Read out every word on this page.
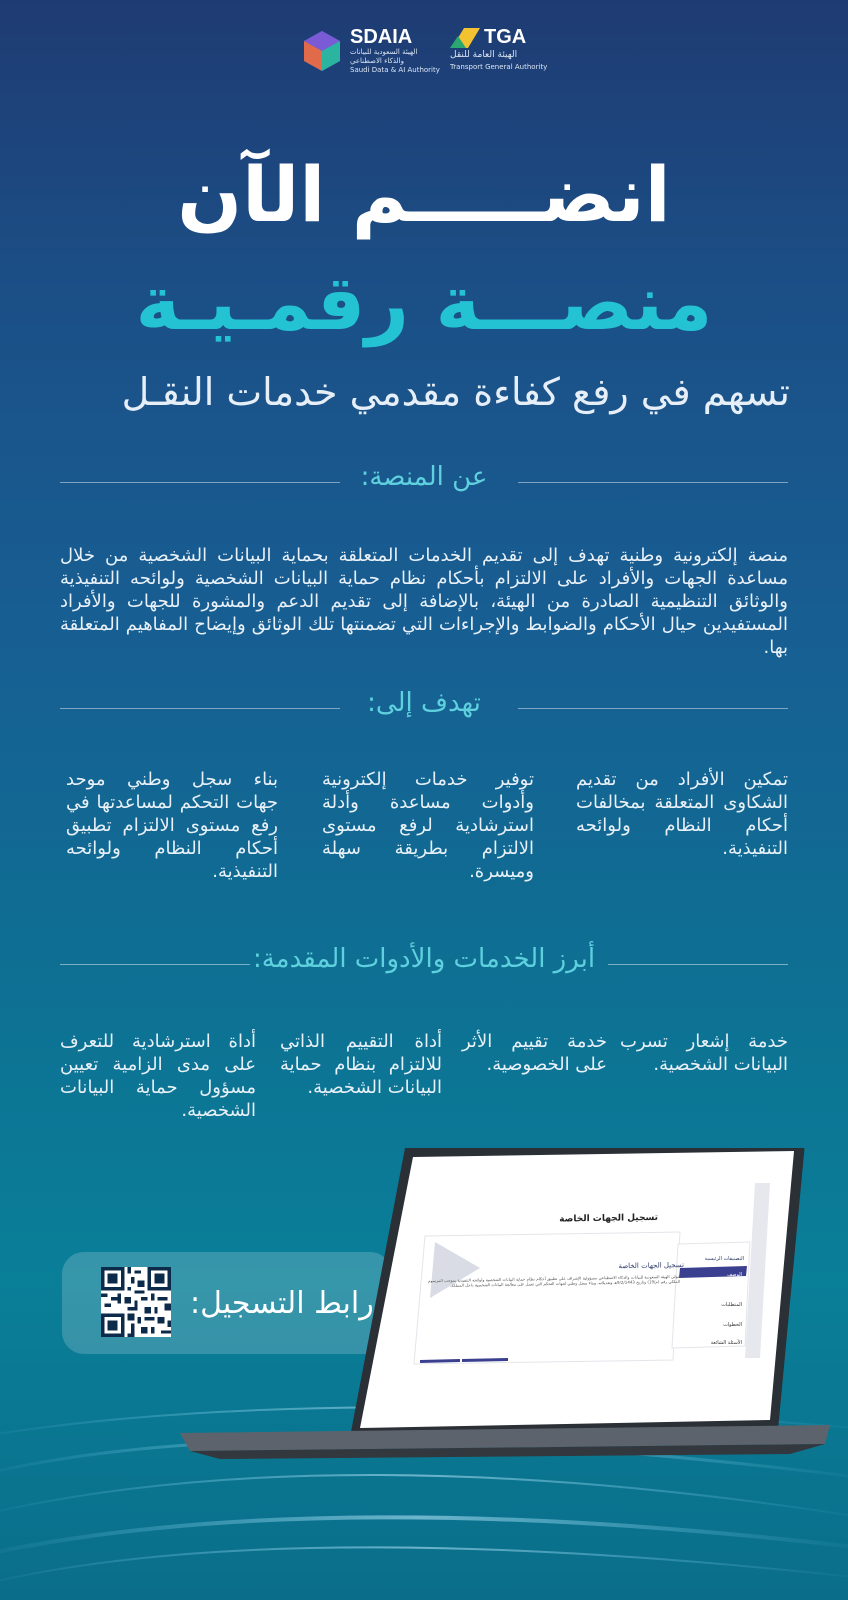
SDAIA
الهيئة السعودية للبيانات
والذكاء الاصطناعي
Saudi Data & AI Authority
TGA
الهيئة العامة للنقل
Transport General Authority
انضـــــم الآن
منصـــة رقمـيـة
تسهم في رفع كفاءة مقدمي خدمات النقـل
عن المنصة:
منصة إلكترونية وطنية تهدف إلى تقديم الخدمات المتعلقة بحماية البيانات الشخصية من خلال مساعدة الجهات والأفراد على الالتزام بأحكام نظام حماية البيانات الشخصية ولوائحه التنفيذية والوثائق التنظيمية الصادرة من الهيئة، بالإضافة إلى تقديم الدعم والمشورة للجهات والأفراد المستفيدين حيال الأحكام والضوابط والإجراءات التي تضمنتها تلك الوثائق وإيضاح المفاهيم المتعلقة بها.
تهدف إلى:
تمكين الأفراد من تقديم الشكاوى المتعلقة بمخالفات أحكام النظام ولوائحه التنفيذية.
توفير خدمات إلكترونية وأدوات مساعدة وأدلة استرشادية لرفع مستوى الالتزام بطريقة سهلة وميسرة.
بناء سجل وطني موحد جهات التحكم لمساعدتها في رفع مستوى الالتزام تطبيق أحكام النظام ولوائحه التنفيذية.
أبرز الخدمات والأدوات المقدمة:
خدمة إشعار تسرب البيانات الشخصية.
خدمة تقييم الأثر على الخصوصية.
أداة التقييم الذاتي للالتزام بنظام حماية البيانات الشخصية.
أداة استرشادية للتعرف على مدى الزامية تعيين مسؤول حماية البيانات الشخصية.
رابط التسجيل:
تسجيل الجهات الخاصة
تسجيل الجهات الخاصة
تتولى الهيئة السعودية للبيانات والذكاء الاصطناعي مسؤولية الإشراف على تطبيق أحكام نظام حماية البيانات الشخصية ولوائحه التنفيذية بموجب المرسوم الملكي رقم (م/19) وتاريخ 9/2/1443هـ وتعديلاته، وبناء سجل وطني لجهات التحكم التي تعمل على معالجة البيانات الشخصية داخل المملكة.
التصنيفات الرئيسية
الوصف
المتطلبات
الخطوات
الأسئلة الشائعة
